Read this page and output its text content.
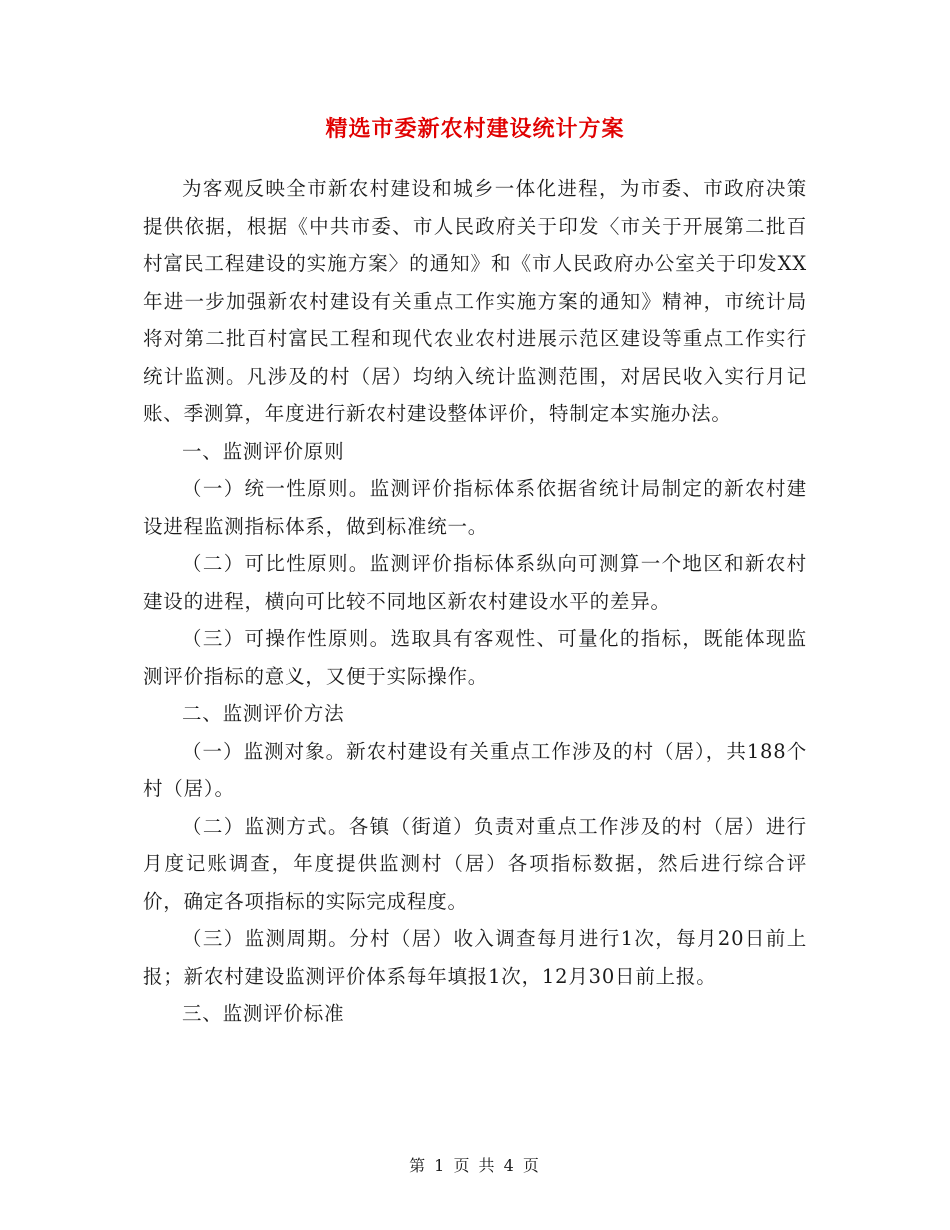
精选市委新农村建设统计方案

为客观反映全市新农村建设和城乡一体化进程，为市委、市政府决策提供依据，根据《中共市委、市人民政府关于印发〈市关于开展第二批百村富民工程建设的实施方案〉的通知》和《市人民政府办公室关于印发XX年进一步加强新农村建设有关重点工作实施方案的通知》精神，市统计局将对第二批百村富民工程和现代农业农村进展示范区建设等重点工作实行统计监测。凡涉及的村（居）均纳入统计监测范围，对居民收入实行月记账、季测算，年度进行新农村建设整体评价，特制定本实施办法。

一、监测评价原则

（一）统一性原则。监测评价指标体系依据省统计局制定的新农村建设进程监测指标体系，做到标准统一。

（二）可比性原则。监测评价指标体系纵向可测算一个地区和新农村建设的进程，横向可比较不同地区新农村建设水平的差异。

（三）可操作性原则。选取具有客观性、可量化的指标，既能体现监测评价指标的意义，又便于实际操作。

二、监测评价方法

（一）监测对象。新农村建设有关重点工作涉及的村（居），共188个村（居）。

（二）监测方式。各镇（街道）负责对重点工作涉及的村（居）进行月度记账调查，年度提供监测村（居）各项指标数据，然后进行综合评价，确定各项指标的实际完成程度。

（三）监测周期。分村（居）收入调查每月进行1次，每月20日前上报；新农村建设监测评价体系每年填报1次，12月30日前上报。

三、监测评价标准

第 1 页 共 4 页
